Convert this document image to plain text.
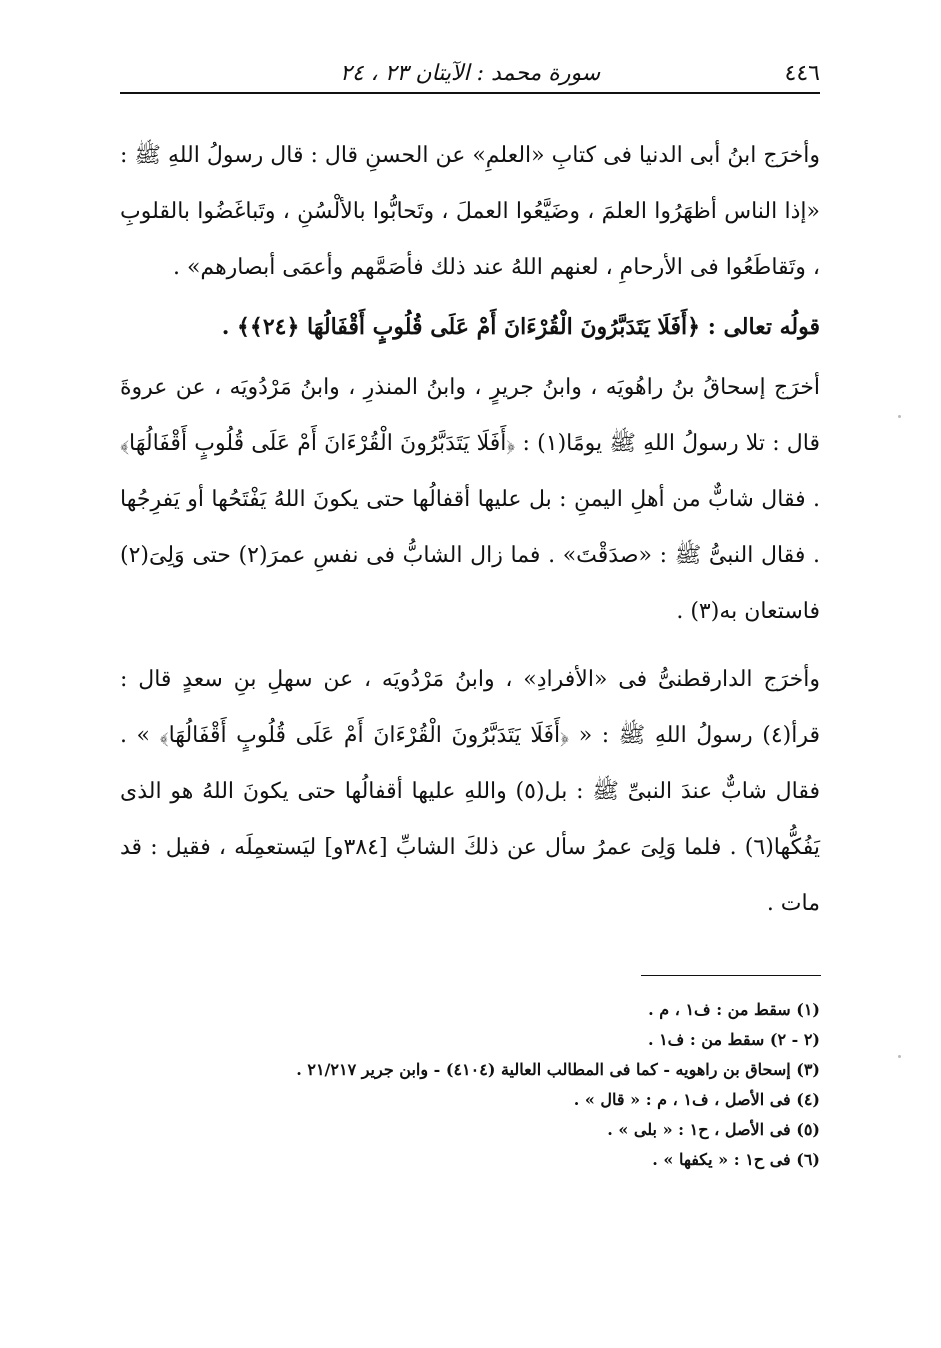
٤٤٦
سورة محمد : الآيتان ٢٣ ، ٢٤

وأخرَج ابنُ أبى الدنيا فى كتابِ «العلمِ» عن الحسنِ قال : قال رسولُ اللهِ ﷺ : «إذا الناس أظهَرُوا العلمَ ، وضَيَّعُوا العملَ ، وتَحابُّوا بالألْسُنِ ، وتَباغَضُوا بالقلوبِ ، وتَقاطَعُوا فى الأرحامِ ، لعنهم اللهُ عند ذلك فأصَمَّهم وأعمَى أبصارهم» .

قولُه تعالى : ﴿أَفَلَا يَتَدَبَّرُونَ الْقُرْءَانَ أَمْ عَلَى قُلُوبٍ أَقْفَالُهَا ﴿٢٤﴾﴾ .

أخرَج إسحاقُ بنُ راهُويَه ، وابنُ جريرٍ ، وابنُ المنذرِ ، وابنُ مَرْدُويَه ، عن عروةَ قال : تلا رسولُ اللهِ ﷺ يومًا(١) : ﴿أَفَلَا يَتَدَبَّرُونَ الْقُرْءَانَ أَمْ عَلَى قُلُوبٍ أَقْفَالُهَا﴾ . فقال شابٌّ من أهلِ اليمنِ : بل عليها أقفالُها حتى يكونَ اللهُ يَفْتَحُها أو يَفرِجُها . فقال النبىُّ ﷺ : «صدَقْتَ» . فما زال الشابُّ فى نفسِ عمرَ(٢) حتى وَلِىَ(٢) فاستعان به(٣) .

وأخرَج الدارقطنىُّ فى «الأفرادِ» ، وابنُ مَرْدُويَه ، عن سهلِ بنِ سعدٍ قال : قرأ(٤) رسولُ اللهِ ﷺ : « ﴿أَفَلَا يَتَدَبَّرُونَ الْقُرْءَانَ أَمْ عَلَى قُلُوبٍ أَقْفَالُهَا﴾ » . فقال شابٌّ عندَ النبىِّ ﷺ : بل(٥) واللهِ عليها أقفالُها حتى يكونَ اللهُ هو الذى يَفُكُّها(٦) . فلما وَلِىَ عمرُ سأل عن ذلكَ الشابِّ [٣٨٤و] ليَستعمِلَه ، فقيل : قد مات .

(١) سقط من : ف١ ، م .

(٢ - ٢) سقط من : ف١ .

(٣) إسحاق بن راهويه - كما فى المطالب العالية (٤١٠٤) - وابن جرير ٢١/٢١٧ .

(٤) فى الأصل ، ف١ ، م : « قال » .

(٥) فى الأصل ، ح١ : « بلى » .

(٦) فى ح١ : « يكفها » .
